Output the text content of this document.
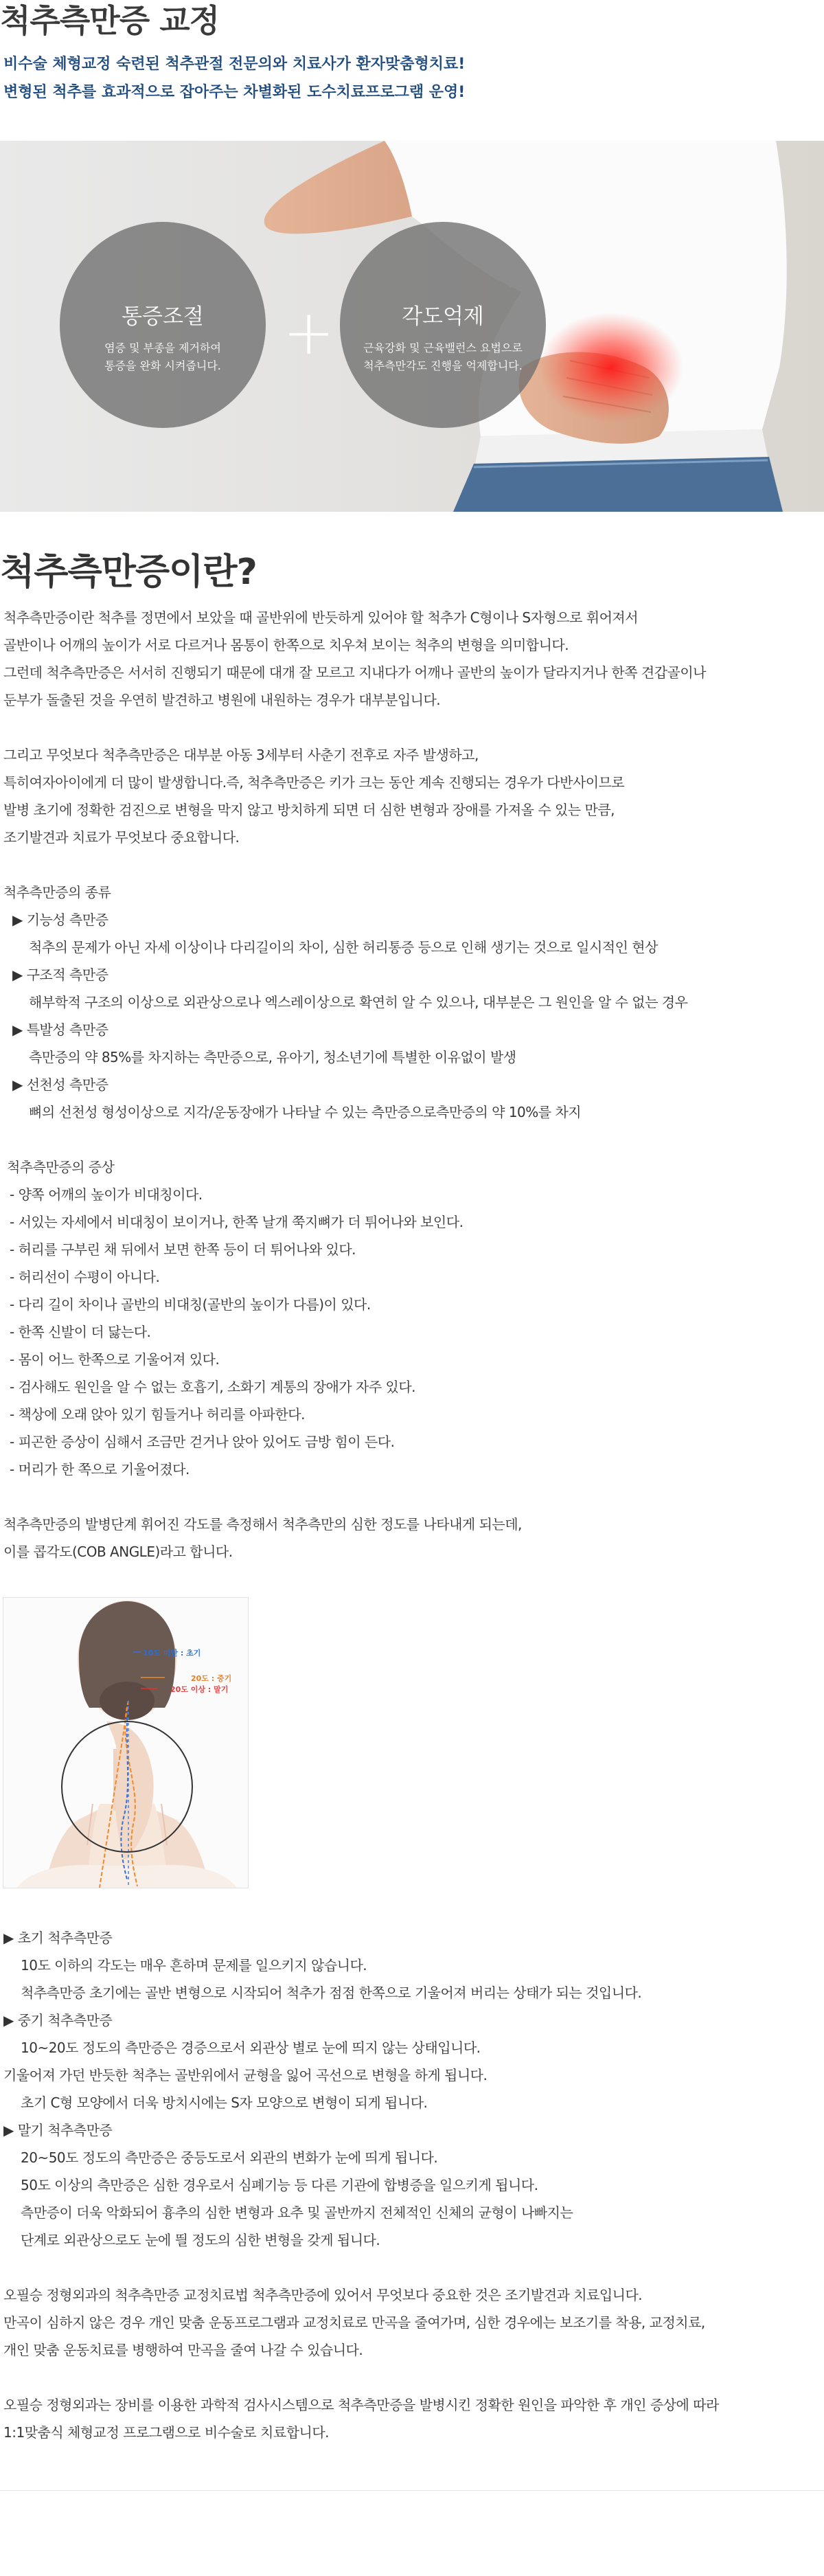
척추측만증 교정
비수술 체형교정 숙련된 척추관절 전문의와 치료사가 환자맞춤형치료!
변형된 척추를 효과적으로 잡아주는 차별화된 도수치료프로그램 운영!
통증조절
염증 및 부종을 제거하여
통증을 완화 시켜줍니다.	+	각도억제
근육강화 및 근육밸런스 요법으로
척추측만각도 진행을 억제합니다.
척추측만증이란?
척추측만증이란 척추를 정면에서 보았을 때 골반위에 반듯하게 있어야 할 척추가 C형이나 S자형으로 휘어져서
골반이나 어깨의 높이가 서로 다르거나 몸통이 한쪽으로 치우쳐 보이는 척추의 변형을 의미합니다.
그런데 척추측만증은 서서히 진행되기 때문에 대개 잘 모르고 지내다가 어깨나 골반의 높이가 달라지거나 한쪽 견갑골이나
둔부가 돌출된 것을 우연히 발견하고 병원에 내원하는 경우가 대부분입니다.
그리고 무엇보다 척추측만증은 대부분 아동 3세부터 사춘기 전후로 자주 발생하고,
특히여자아이에게 더 많이 발생합니다.즉, 척추측만증은 키가 크는 동안 계속 진행되는 경우가 다반사이므로
발병 초기에 정확한 검진으로 변형을 막지 않고 방치하게 되면 더 심한 변형과 장애를 가져올 수 있는 만큼,
조기발견과 치료가 무엇보다 중요합니다.
척추측만증의 종류
▶ 기능성 측만증
척추의 문제가 아닌 자세 이상이나 다리길이의 차이, 심한 허리통증 등으로 인해 생기는 것으로 일시적인 현상
▶ 구조적 측만증
해부학적 구조의 이상으로 외관상으로나 엑스레이상으로 확연히 알 수 있으나, 대부분은 그 원인을 알 수 없는 경우
▶ 특발성 측만증
측만증의 약 85%를 차지하는 측만증으로, 유아기, 청소년기에 특별한 이유없이 발생
▶ 선천성 측만증
뼈의 선천성 형성이상으로 지각/운동장애가 나타날 수 있는 측만증으로측만증의 약 10%를 차지
척추측만증의 증상
- 양쪽 어깨의 높이가 비대칭이다.
- 서있는 자세에서 비대칭이 보이거나, 한쪽 날개 쭉지뼈가 더 튀어나와 보인다.
- 허리를 구부린 채 뒤에서 보면 한쪽 등이 더 튀어나와 있다.
- 허리선이 수평이 아니다.
- 다리 길이 차이나 골반의 비대칭(골반의 높이가 다름)이 있다.
- 한쪽 신발이 더 닳는다.
- 몸이 어느 한쪽으로 기울어져 있다.
- 검사해도 원인을 알 수 없는 호흡기, 소화기 계통의 장애가 자주 있다.
- 책상에 오래 앉아 있기 힘들거나 허리를 아파한다.
- 피곤한 증상이 심해서 조금만 걷거나 앉아 있어도 금방 힘이 든다.
- 머리가 한 쪽으로 기울어졌다.
척추측만증의 발병단계 휘어진 각도를 측정해서 척추측만의 심한 정도를 나타내게 되는데,
이를 콥각도(COB ANGLE)라고 합니다.
10도 미만 : 초기
20도 : 중기
20도 이상 : 말기
▶ 초기 척추측만증
10도 이하의 각도는 매우 흔하며 문제를 일으키지 않습니다.
척추측만증 초기에는 골반 변형으로 시작되어 척추가 점점 한쪽으로 기울어져 버리는 상태가 되는 것입니다.
▶ 중기 척추측만증
10~20도 정도의 측만증은 경증으로서 외관상 별로 눈에 띄지 않는 상태입니다.
기울어져 가던 반듯한 척추는 골반위에서 균형을 잃어 곡선으로 변형을 하게 됩니다.
초기 C형 모양에서 더욱 방치시에는 S자 모양으로 변형이 되게 됩니다.
▶ 말기 척추측만증
20~50도 정도의 측만증은 중등도로서 외관의 변화가 눈에 띄게 됩니다.
50도 이상의 측만증은 심한 경우로서 심폐기능 등 다른 기관에 합병증을 일으키게 됩니다.
측만증이 더욱 악화되어 흉추의 심한 변형과 요추 및 골반까지 전체적인 신체의 균형이 나빠지는
단계로 외관상으로도 눈에 띌 정도의 심한 변형을 갖게 됩니다.
오필승 정형외과의 척추측만증 교정치료법 척추측만증에 있어서 무엇보다 중요한 것은 조기발견과 치료입니다.
만곡이 심하지 않은 경우 개인 맞춤 운동프로그램과 교정치료로 만곡을 줄여가며, 심한 경우에는 보조기를 착용, 교정치료,
개인 맞춤 운동치료를 병행하여 만곡을 줄여 나갈 수 있습니다.
오필승 정형외과는 장비를 이용한 과학적 검사시스템으로 척추측만증을 발병시킨 정확한 원인을 파악한 후 개인 증상에 따라
1:1맞춤식 체형교정 프로그램으로 비수술로 치료합니다.
